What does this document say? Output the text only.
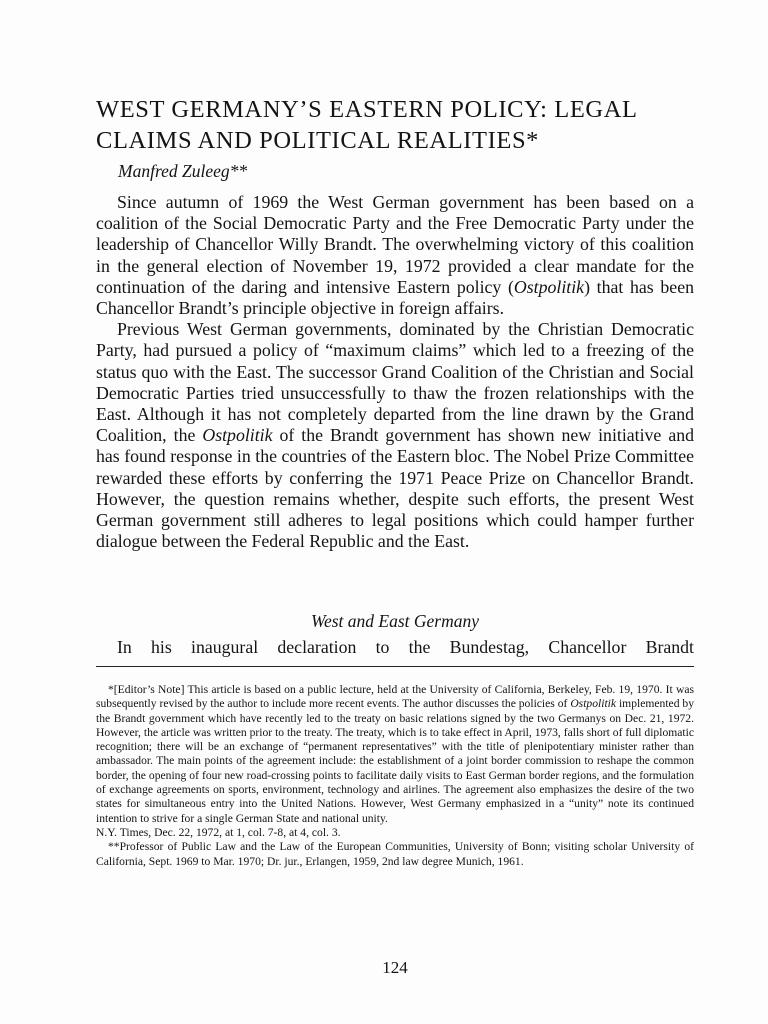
WEST GERMANY’S EASTERN POLICY: LEGAL
CLAIMS AND POLITICAL REALITIES*
Manfred Zuleeg**

Since autumn of 1969 the West German government has been based on a coalition of the Social Democratic Party and the Free Democratic Party under the leadership of Chancellor Willy Brandt. The overwhelming victory of this coalition in the general election of November 19, 1972 provided a clear mandate for the continuation of the daring and intensive Eastern policy (Ostpolitik) that has been Chancellor Brandt’s principle objective in foreign affairs.

Previous West German governments, dominated by the Christian Democratic Party, had pursued a policy of “maximum claims” which led to a freezing of the status quo with the East. The successor Grand Coalition of the Christian and Social Democratic Parties tried unsuccessfully to thaw the frozen relationships with the East. Although it has not completely departed from the line drawn by the Grand Coalition, the Ostpolitik of the Brandt government has shown new initiative and has found response in the countries of the Eastern bloc. The Nobel Prize Committee rewarded these efforts by conferring the 1971 Peace Prize on Chancellor Brandt. However, the question remains whether, despite such efforts, the present West German government still adheres to legal positions which could hamper further dialogue between the Federal Republic and the East.

West and East Germany
In his inaugural declaration to the Bundestag, Chancellor Brandt

*[Editor’s Note] This article is based on a public lecture, held at the University of California, Berkeley, Feb. 19, 1970. It was subsequently revised by the author to include more recent events. The author discusses the policies of Ostpolitik implemented by the Brandt government which have recently led to the treaty on basic relations signed by the two Germanys on Dec. 21, 1972. However, the article was written prior to the treaty. The treaty, which is to take effect in April, 1973, falls short of full diplomatic recognition; there will be an exchange of “permanent representatives” with the title of plenipotentiary minister rather than ambassador. The main points of the agreement include: the establishment of a joint border commission to reshape the common border, the opening of four new road-crossing points to facilitate daily visits to East German border regions, and the formulation of exchange agreements on sports, environment, technology and airlines. The agreement also emphasizes the desire of the two states for simultaneous entry into the United Nations. However, West Germany emphasized in a “unity” note its continued intention to strive for a single German State and national unity.

N.Y. Times, Dec. 22, 1972, at 1, col. 7-8, at 4, col. 3.

**Professor of Public Law and the Law of the European Communities, University of Bonn; visiting scholar University of California, Sept. 1969 to Mar. 1970; Dr. jur., Erlangen, 1959, 2nd law degree Munich, 1961.

124
